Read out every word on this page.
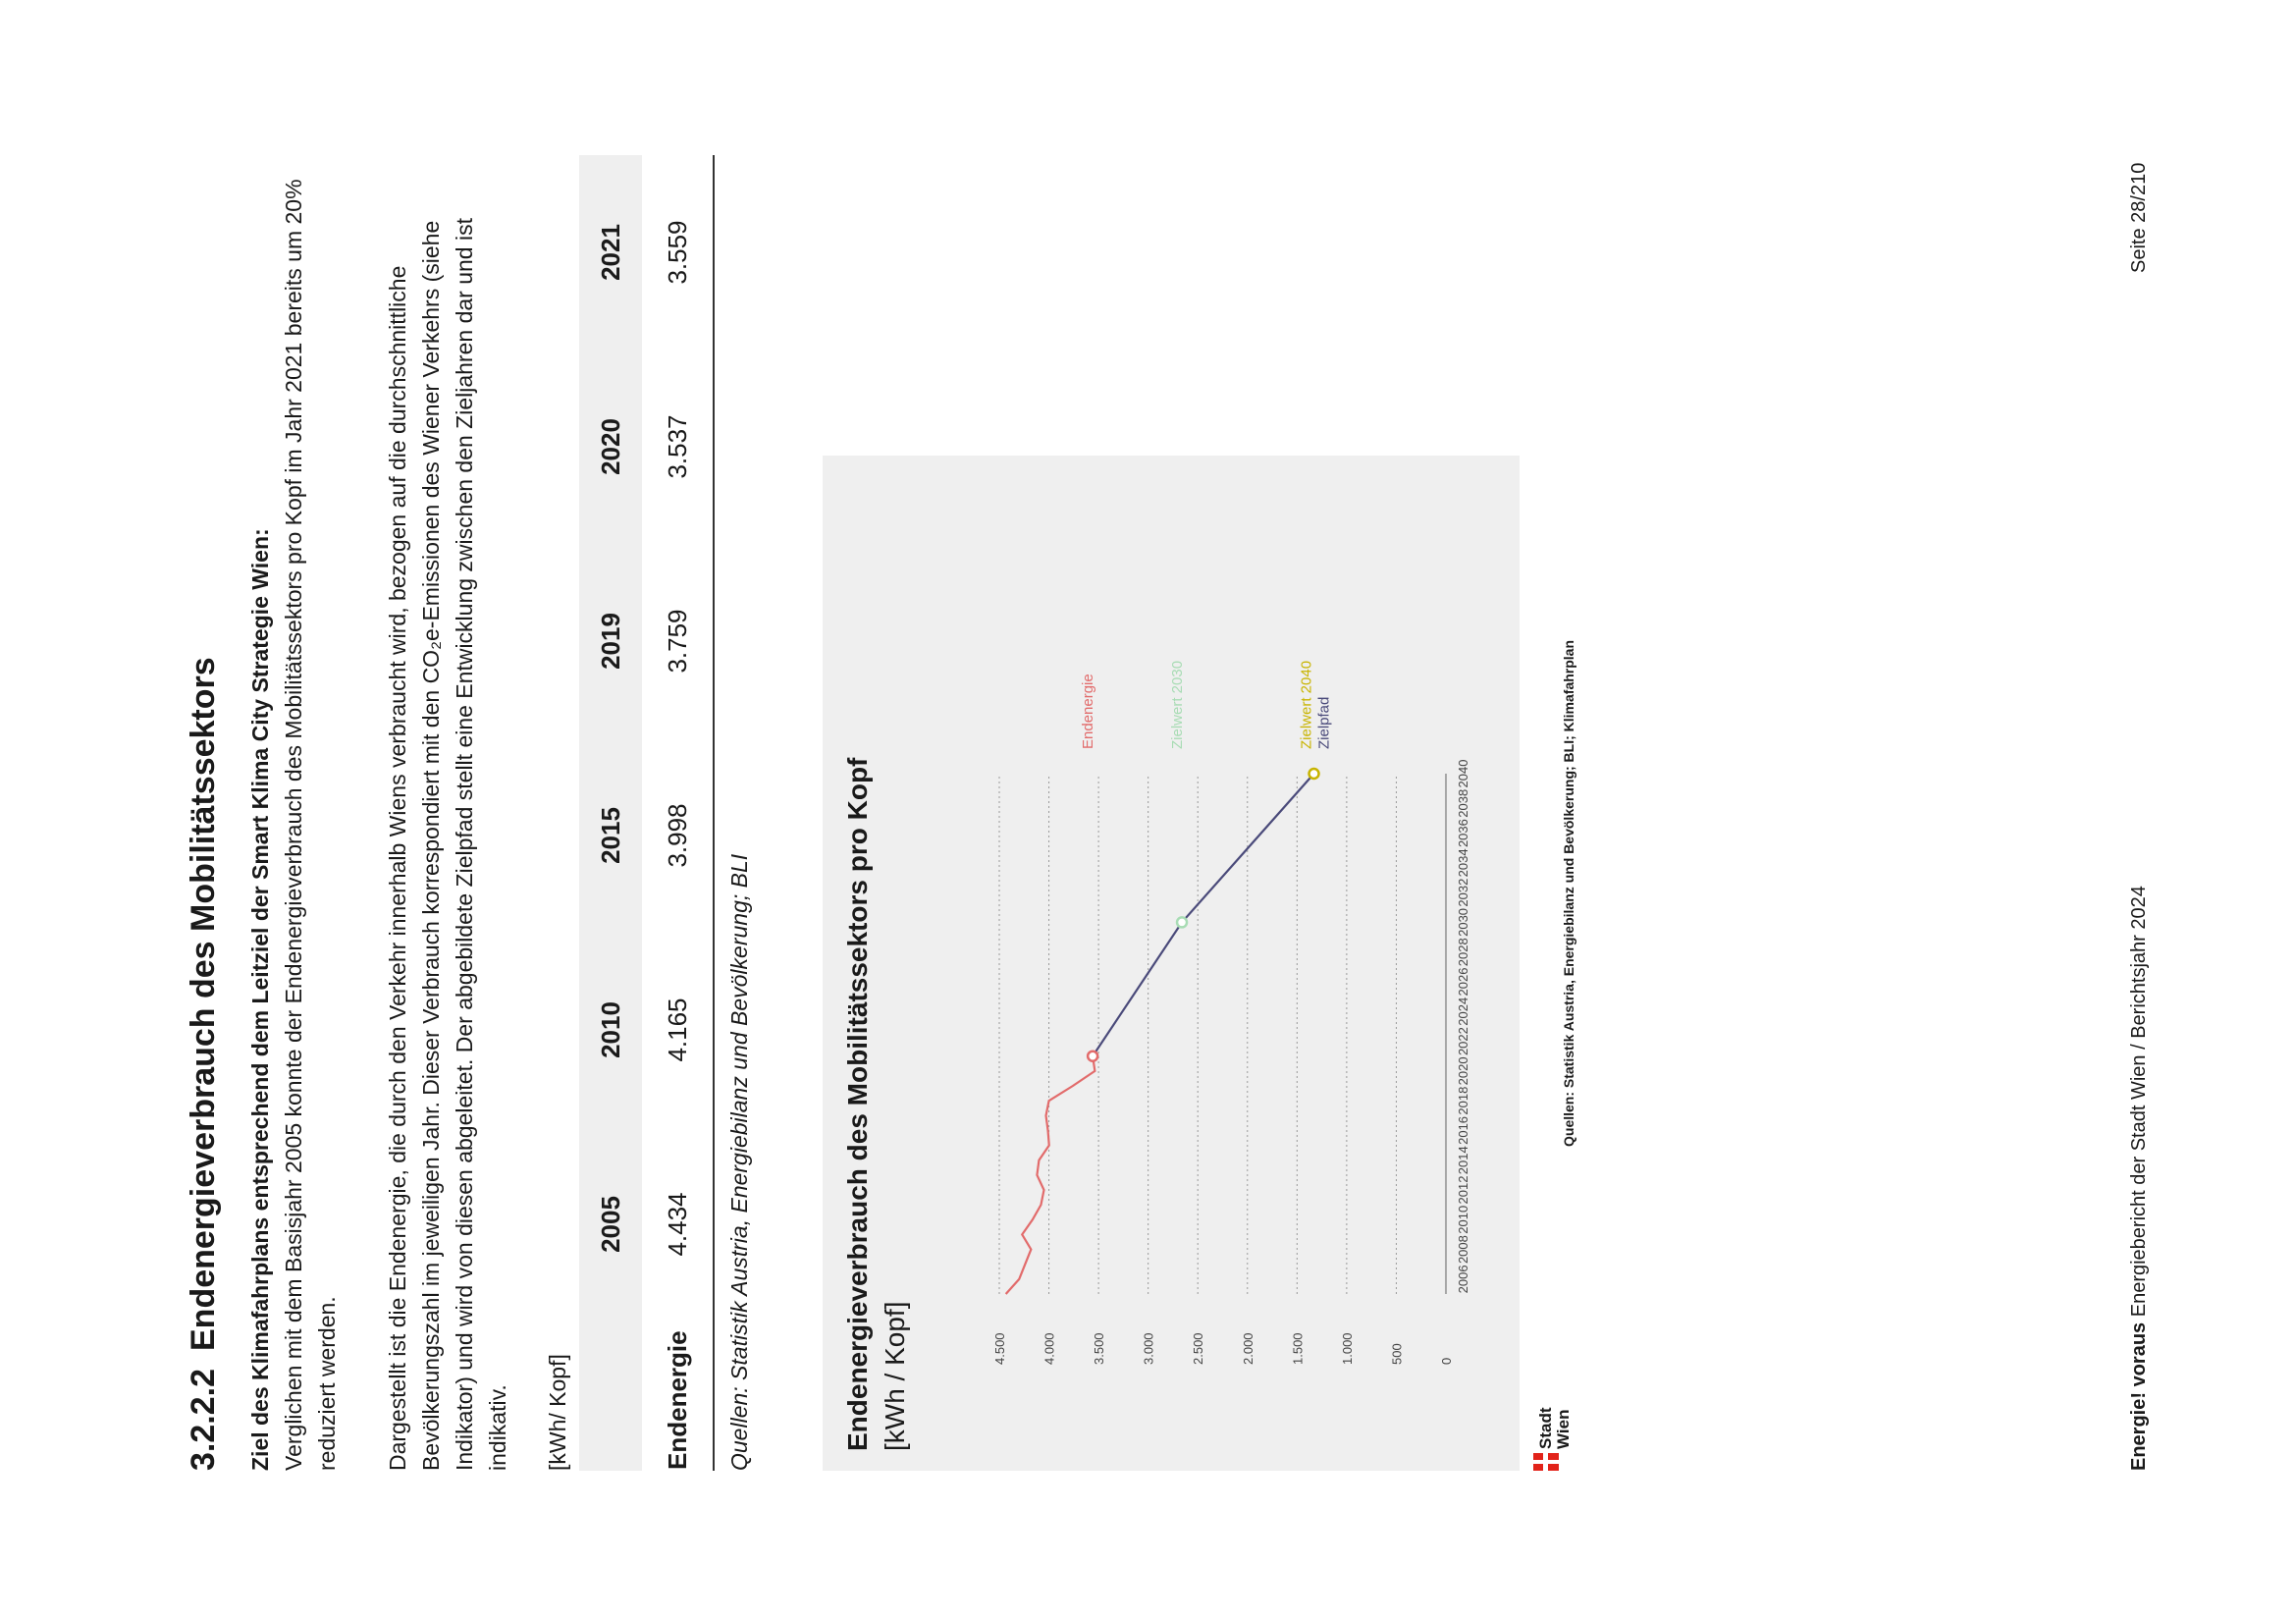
3.2.2.2Endenergieverbrauch des Mobilitätssektors Ziel des Klimafahrplans entsprechend dem Leitziel der Smart Klima City Strategie Wien: Verglichen mit dem Basisjahr 2005 konnte der Endenergieverbrauch des Mobilitätssektors pro Kopf im Jahr 2021 bereits um 20% reduziert werden. Dargestellt ist die Endenergie, die durch den Verkehr innerhalb Wiens verbraucht wird, bezogen auf die durchschnittliche Bevölkerungszahl im jeweiligen Jahr. Dieser Verbrauch korrespondiert mit den CO₂e-Emissionen des Wiener Verkehrs (siehe Indikator) und wird von diesen abgeleitet. Der abgebildete Zielpfad stellt eine Entwicklung zwischen den Zieljahren dar und ist indikativ. [kWh/ Kopf]
	2005	2010	2015	2019	2020	2021
Endenergie	4.434	4.165	3.998	3.759	3.537	3.559
Quellen: Statistik Austria, Energiebilanz und Bevölkerung; BLI	0
500
1.000
1.500
2.000
2.500
3.000
3.500
4.000
4.500
2006
2008
2010
2012
2014
2016
2018
2020
2022
2024
2026
2028
2030
2032
2034
2036
2038
2040
Endenergie	Zielwert 2030	Zielwert 2040 Zielpfad
Endenergieverbrauch des Mobilitätssektors pro Kopf [kWh / Kopf]	Stadt Wien
Quellen: Statistik Austria, Energiebilanz und Bevölkerung; BLI; Klimafahrplan
Energie! voraus Energiebericht der Stadt Wien / Berichtsjahr 2024
Seite 28/210
